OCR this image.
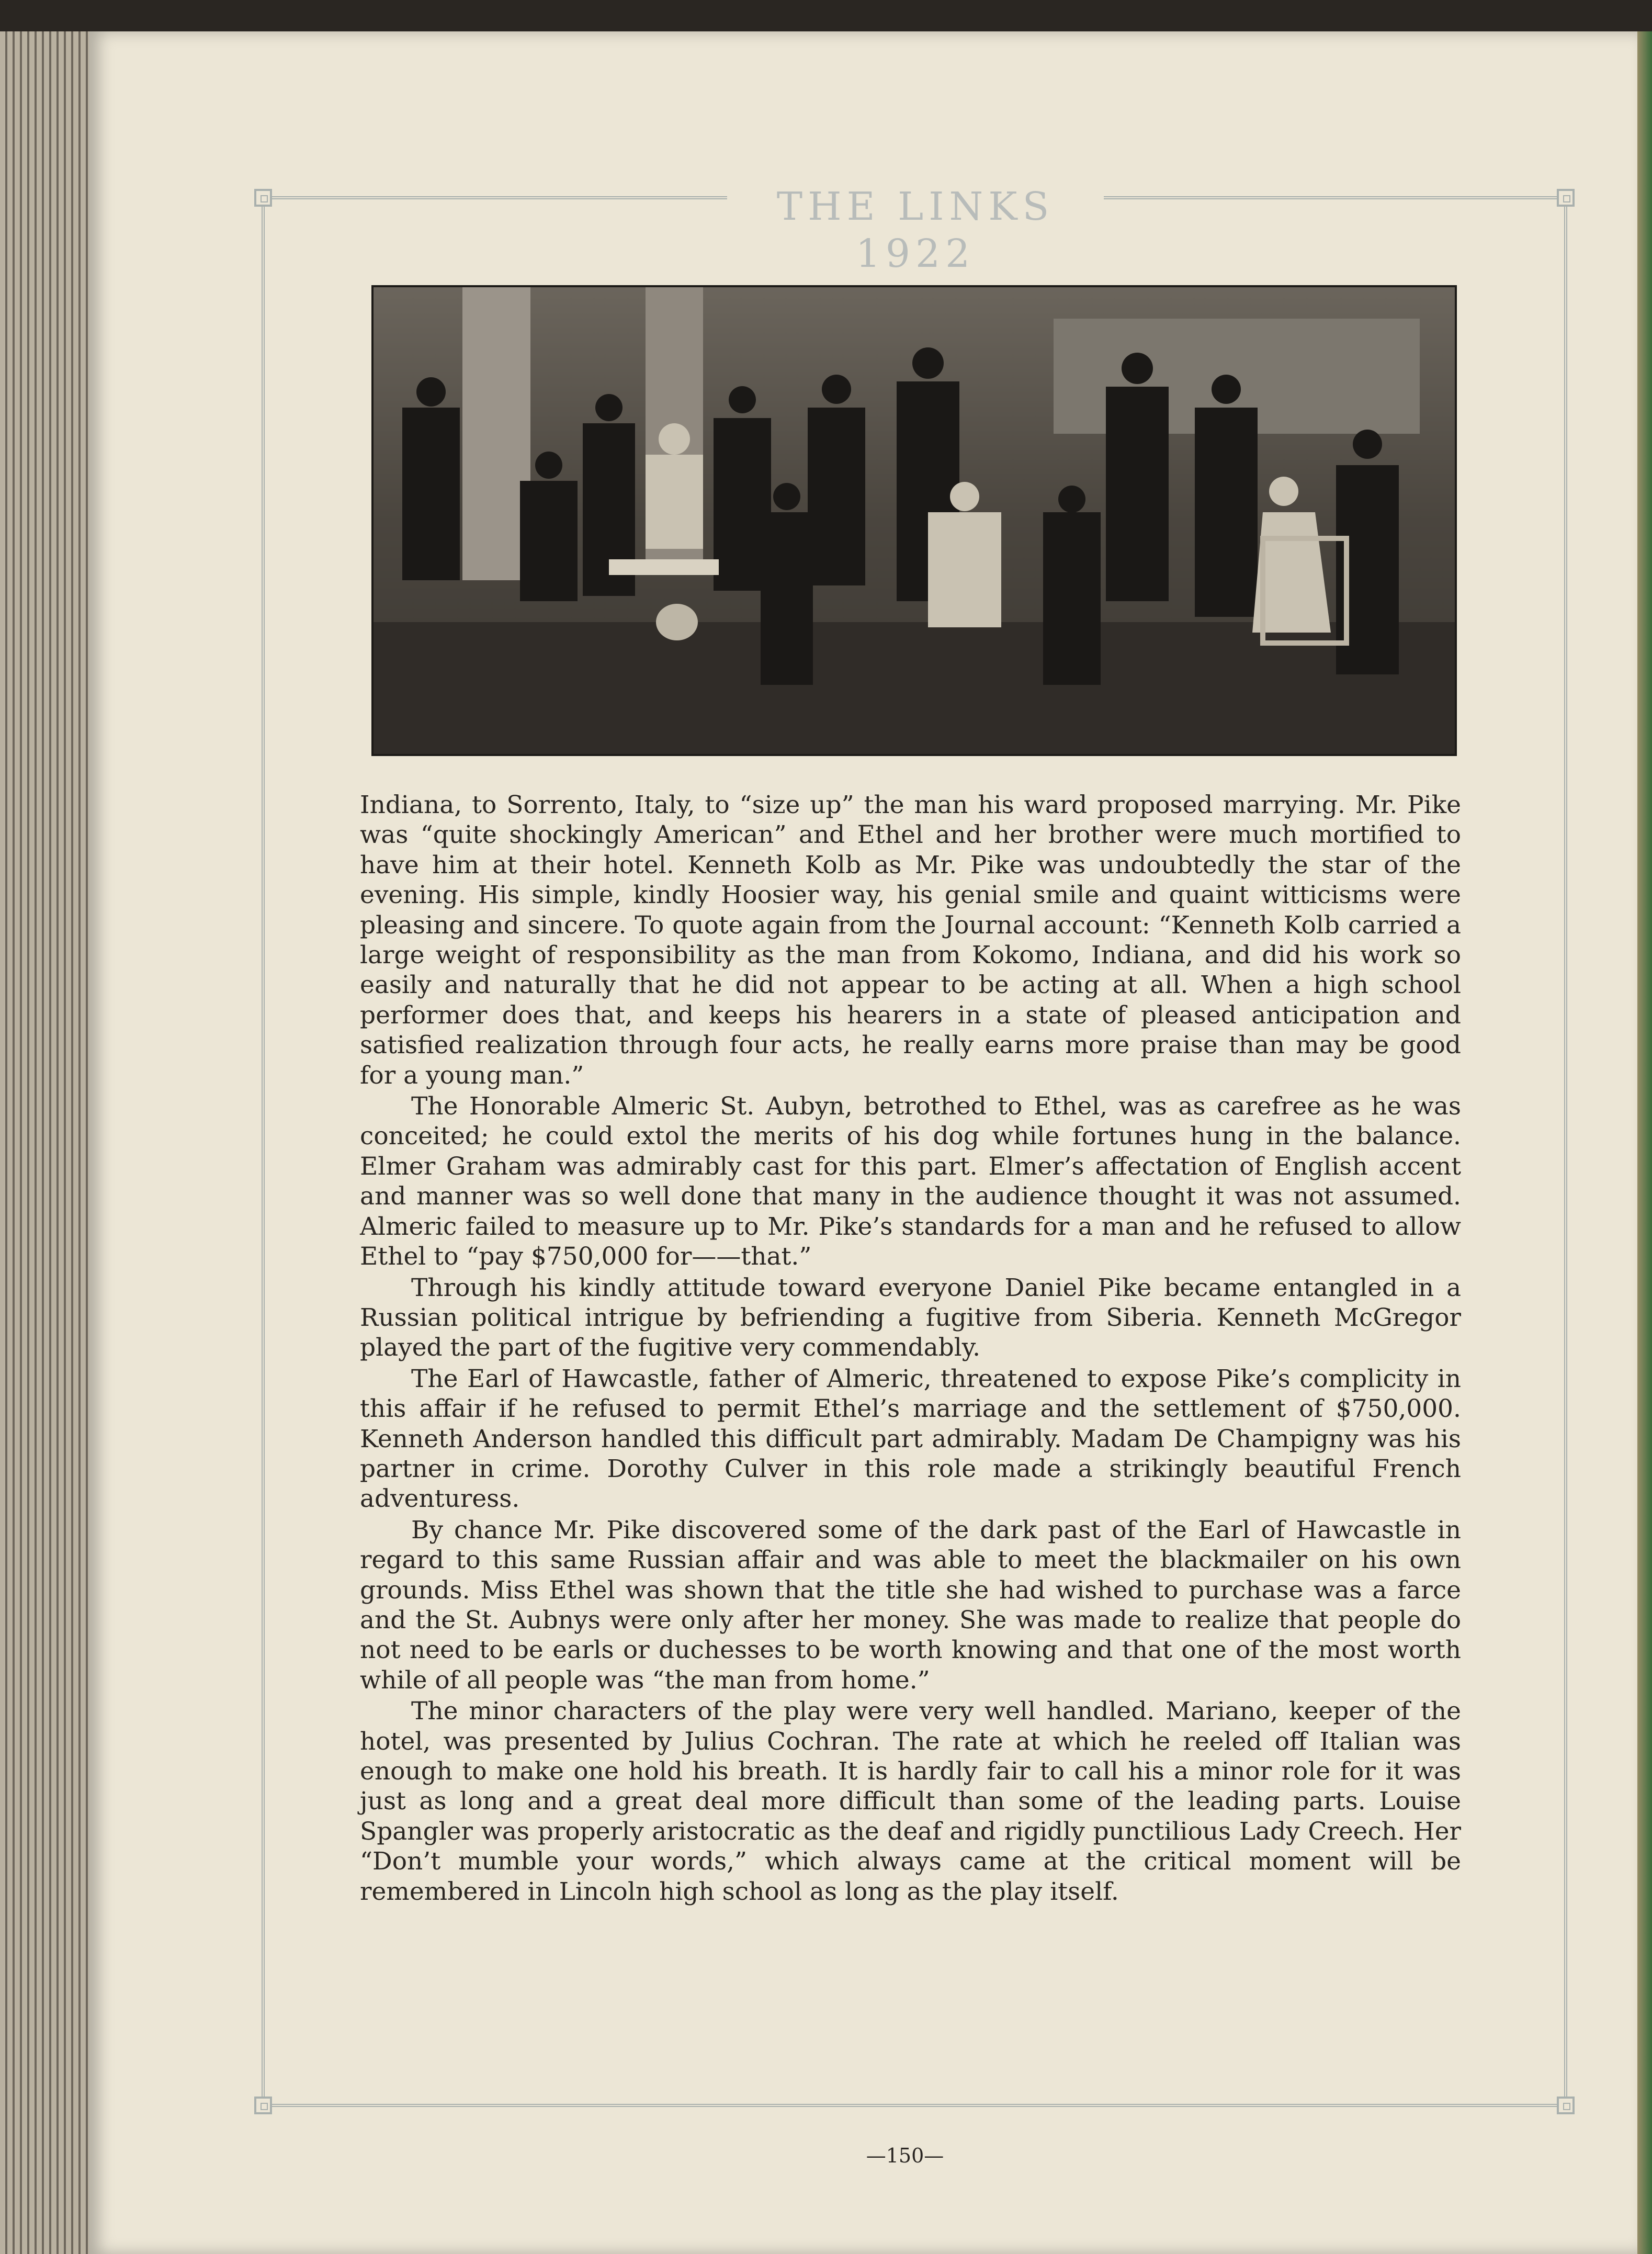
THE LINKS 1922

Indiana, to Sorrento, Italy, to “size up” the man his ward proposed marrying. Mr. Pike was “quite shockingly American” and Ethel and her brother were much mortified to have him at their hotel. Kenneth Kolb as Mr. Pike was undoubtedly the star of the evening. His simple, kindly Hoosier way, his genial smile and quaint witticisms were pleasing and sincere. To quote again from the Journal account: “Kenneth Kolb carried a large weight of responsibility as the man from Kokomo, Indiana, and did his work so easily and naturally that he did not appear to be acting at all. When a high school performer does that, and keeps his hearers in a state of pleased anticipation and satisfied realization through four acts, he really earns more praise than may be good for a young man.”

The Honorable Almeric St. Aubyn, betrothed to Ethel, was as carefree as he was conceited; he could extol the merits of his dog while fortunes hung in the balance. Elmer Graham was admirably cast for this part. Elmer’s affectation of English accent and manner was so well done that many in the audience thought it was not assumed. Almeric failed to measure up to Mr. Pike’s standards for a man and he refused to allow Ethel to “pay $750,000 for——that.”

Through his kindly attitude toward everyone Daniel Pike became entangled in a Russian political intrigue by befriending a fugitive from Siberia. Kenneth McGregor played the part of the fugitive very commendably.

The Earl of Hawcastle, father of Almeric, threatened to expose Pike’s complicity in this affair if he refused to permit Ethel’s marriage and the settlement of $750,000. Kenneth Anderson handled this difficult part admirably. Madam De Champigny was his partner in crime. Dorothy Culver in this role made a strikingly beautiful French adventuress.

By chance Mr. Pike discovered some of the dark past of the Earl of Hawcastle in regard to this same Russian affair and was able to meet the blackmailer on his own grounds. Miss Ethel was shown that the title she had wished to purchase was a farce and the St. Aubnys were only after her money. She was made to realize that people do not need to be earls or duchesses to be worth knowing and that one of the most worth while of all people was “the man from home.”

The minor characters of the play were very well handled. Mariano, keeper of the hotel, was presented by Julius Cochran. The rate at which he reeled off Italian was enough to make one hold his breath. It is hardly fair to call his a minor role for it was just as long and a great deal more difficult than some of the leading parts. Louise Spangler was properly aristocratic as the deaf and rigidly punctilious Lady Creech. Her “Don’t mumble your words,” which always came at the critical moment will be remembered in Lincoln high school as long as the play itself.

—150—
